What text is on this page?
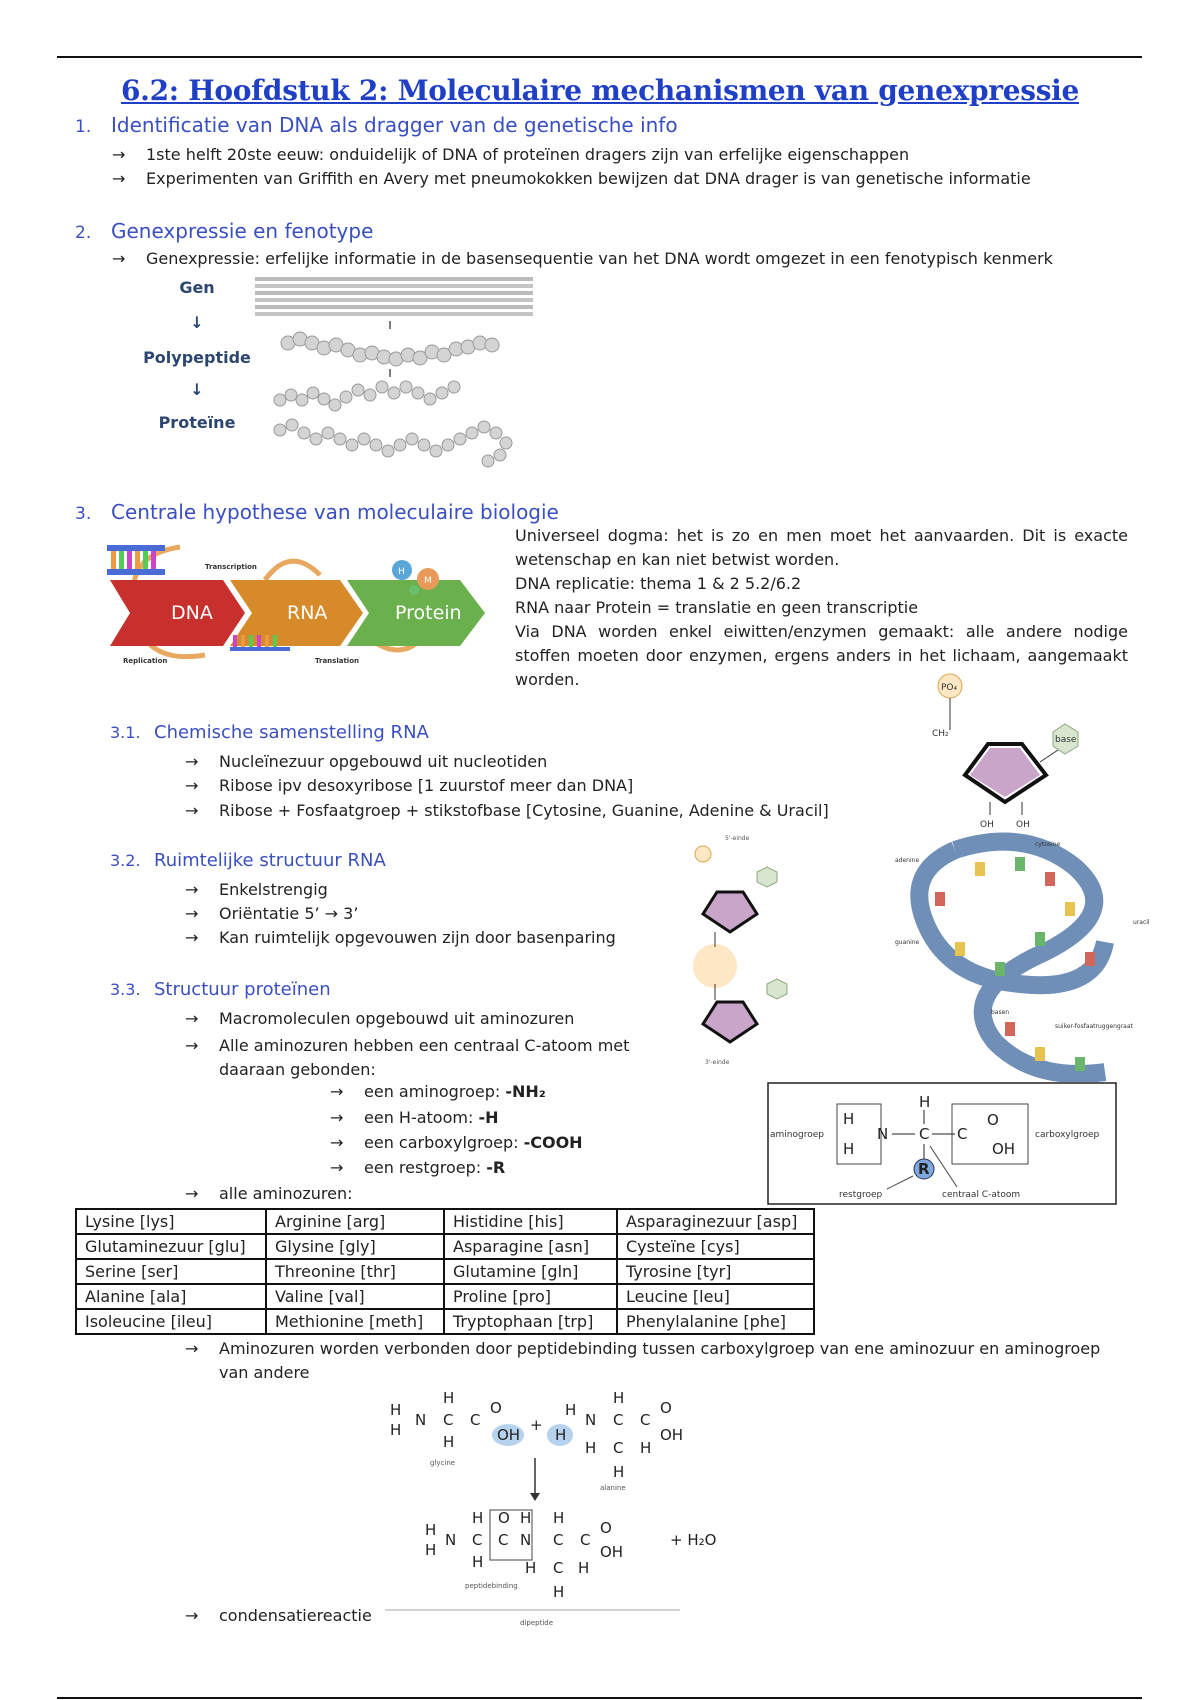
6.2: Hoofdstuk 2: Moleculaire mechanismen van genexpressie
1. Identificatie van DNA als dragger van de genetische info
→ 1ste helft 20ste eeuw: onduidelijk of DNA of proteïnen dragers zijn van erfelijke eigenschappen
→ Experimenten van Griffith en Avery met pneumokokken bewijzen dat DNA drager is van genetische informatie
2. Genexpressie en fenotype
→ Genexpressie: erfelijke informatie in de basensequentie van het DNA wordt omgezet in een fenotypisch kenmerk
Gen
↓
Polypeptide
↓
Proteïne
3. Centrale hypothese van moleculaire biologie
DNA	RNA	Protein
Transcription
Translation
Replication
H
M

Universeel dogma: het is zo en men moet het aanvaarden. Dit is exacte wetenschap en kan niet betwist worden.

DNA replicatie: thema 1 & 2 5.2/6.2

RNA naar Protein = translatie en geen transcriptie

Via DNA worden enkel eiwitten/enzymen gemaakt: alle andere nodige stoffen moeten door enzymen, ergens anders in het lichaam, aangemaakt worden.

3.1. Chemische samenstelling RNA
→ Nucleïnezuur opgebouwd uit nucleotiden
→ Ribose ipv desoxyribose [1 zuurstof meer dan DNA]
→ Ribose + Fosfaatgroep + stikstofbase [Cytosine, Guanine, Adenine & Uracil]
PO₄
CH₂
base
OH OH
3.2. Ruimtelijke structuur RNA
→ Enkelstrengig
→ Oriëntatie 5’ → 3’
→ Kan ruimtelijk opgevouwen zijn door basenparing
5'-einde
3'-einde
cytosine
adenine
guanine
uracil
basen
suiker-fosfaatruggengraat
3.3. Structuur proteïnen
→ Macromoleculen opgebouwd uit aminozuren
→	Alle aminozuren hebben een centraal C-atoom met daaraan gebonden:
→ een aminogroep: -NH₂
→ een H-atoom: -H
→ een carboxylgroep: -COOH
→ een restgroep: -R
→ alle aminozuren:
H
H
N C
H
C
O
OH
R
aminogroep	carboxylgroep
restgroep	centraal C-atoom
Lysine [lys]	Arginine [arg]	Histidine [his]	Asparaginezuur [asp]
Glutaminezuur [glu]	Glysine [gly]	Asparagine [asn]	Cysteïne [cys]
Serine [ser]	Threonine [thr]	Glutamine [gln]	Tyrosine [tyr]
Alanine [ala]	Valine [val]	Proline [pro]	Leucine [leu]
Isoleucine [ileu]	Methionine [meth]	Tryptophaan [trp]	Phenylalanine [phe]
→ Aminozuren worden verbonden door peptidebinding tussen carboxylgroep van ene aminozuur en aminogroep
van andere
H
H
N C
H
H
C
O
OH
glycine
+
H
H
N C
H
C
O
OH
H C H
H
alanine
H
H
N C
H
H
O
C
H
N
H
C C
O
OH
H C H
H
peptidebinding
dipeptide
+ H₂O
→ condensatiereactie
